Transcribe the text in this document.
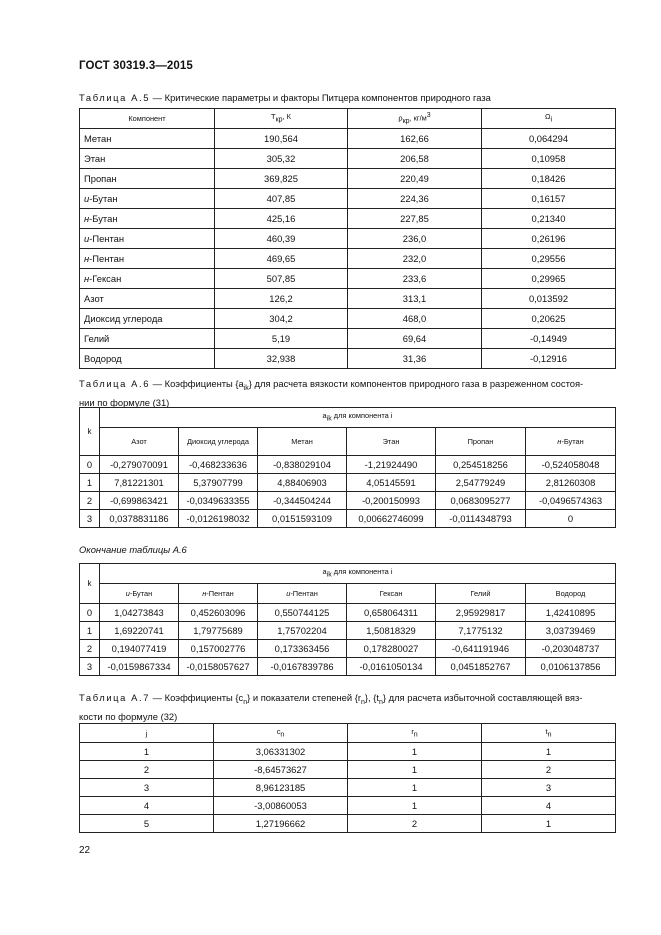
ГОСТ 30319.3—2015
Таблица А.5 — Критические параметры и факторы Питцера компонентов природного газа
Компонент	$T_{кр}$, К	$\rho_{кр}$, $кг/м^3$	$\Omega_i$
Метан	190,564	162,66	0,064294
Этан	305,32	206,58	0,10958
Пропан	369,825	220,49	0,18426
и-Бутан	407,85	224,36	0,16157
н-Бутан	425,16	227,85	0,21340
и-Пентан	460,39	236,0	0,26196
н-Пентан	469,65	232,0	0,29556
н-Гексан	507,85	233,6	0,29965
Азот	126,2	313,1	0,013592
Диоксид углерода	304,2	468,0	0,20625
Гелий	5,19	69,64	-0,14949
Водород	32,938	31,36	-0,12916
Таблица А.6 — Коэффициенты $\{a_{ik}\}$ для расчета вязкости компонентов природного газа в разреженном состоя-
нии по формуле (31)
k	$a_{ik}$ для компонента i					
	Азот	Диоксид углерода	Метан	Этан	Пропан	н-Бутан
0	-0,279070091	-0,468233636	-0,838029104	-1,21924490	0,254518256	-0,524058048
1	7,81221301	5,37907799	4,88406903	4,05145591	2,54779249	2,81260308
2	-0,699863421	-0,0349633355	-0,344504244	-0,200150993	0,0683095277	-0,0496574363
3	0,0378831186	-0,0126198032	0,0151593109	0,00662746099	-0,0114348793	0
Окончание таблицы А.6
k	$a_{ik}$ для компонента i					
	и-Бутан	н-Пентан	и-Пентан	Гексан	Гелий	Водород
0	1,04273843	0,452603096	0,550744125	0,658064311	2,95929817	1,42410895
1	1,69220741	1,79775689	1,75702204	1,50818329	7,1775132	3,03739469
2	0,194077419	0,157002776	0,173363456	0,178280027	-0,641191946	-0,203048737
3	-0,0159867334	-0,0158057627	-0,0167839786	-0,0161050134	0,0451852767	0,0106137856
Таблица А.7 — Коэффициенты $\{c_n\}$ и показатели степеней $\{r_n\}$, $\{t_n\}$ для расчета избыточной составляющей вяз-
кости по формуле (32)
j	$c_n$	$r_n$	$t_n$
1	3,06331302	1	1
2	-8,64573627	1	2
3	8,96123185	1	3
4	-3,00860053	1	4
5	1,27196662	2	1
22
